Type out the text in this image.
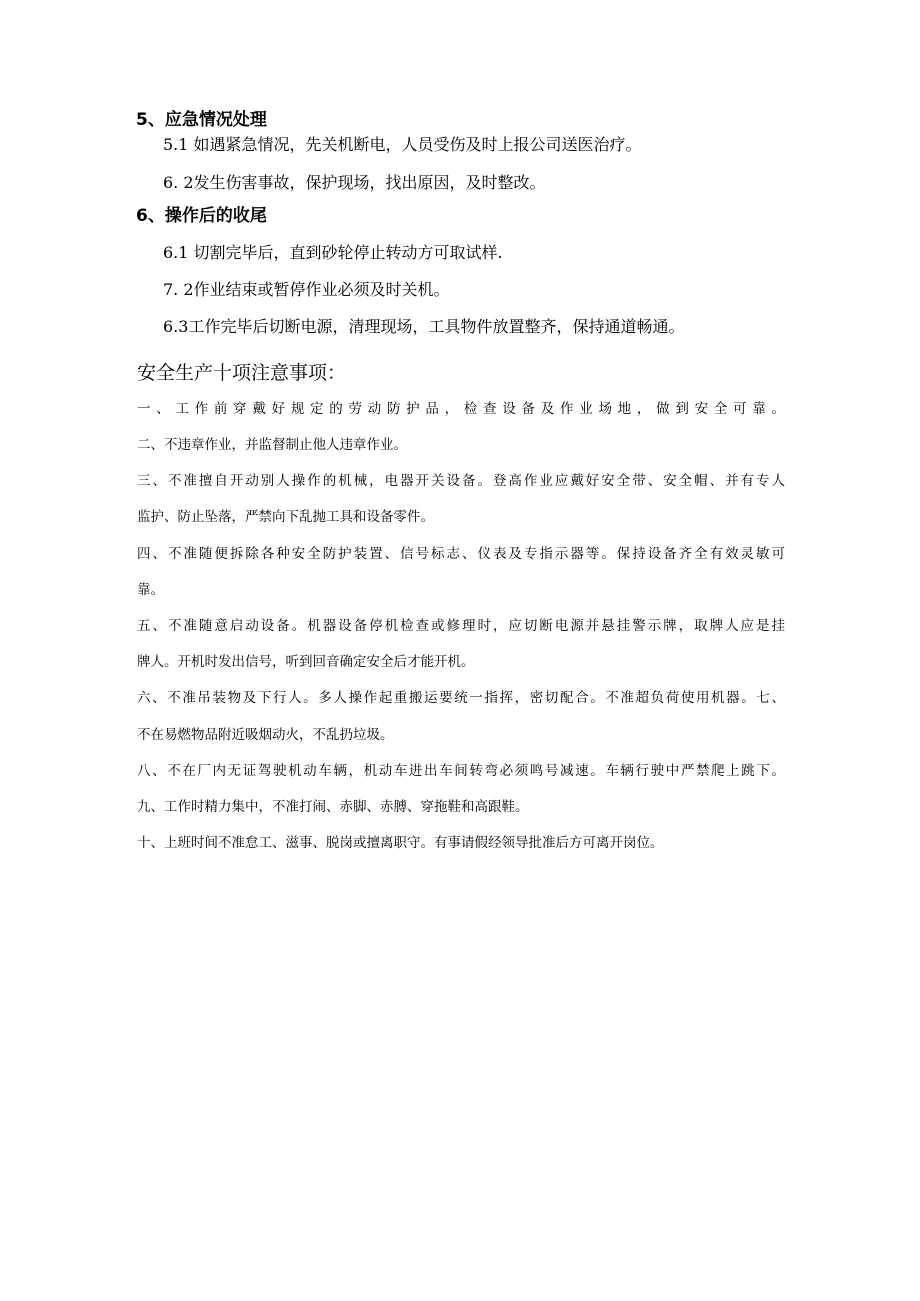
5、应急情况处理
5.1 如遇紧急情况，先关机断电，人员受伤及时上报公司送医治疗。
6. 2发生伤害事故，保护现场，找出原因，及时整改。
6、操作后的收尾
6.1 切割完毕后，直到砂轮停止转动方可取试样.
7. 2作业结束或暂停作业必须及时关机。
6.3工作完毕后切断电源，清理现场，工具物件放置整齐，保持通道畅通。
安全生产十项注意事项：
一、工作前穿戴好规定的劳动防护品，检查设备及作业场地，做到安全可靠。
二、不违章作业，并监督制止他人违章作业。
三、不准擅自开动别人操作的机械，电器开关设备。登高作业应戴好安全带、安全帽、并有专人
监护、防止坠落，严禁向下乱抛工具和设备零件。
四、不准随便拆除各种安全防护装置、信号标志、仪表及专指示器等。保持设备齐全有效灵敏可
靠。
五、不准随意启动设备。机器设备停机检查或修理时，应切断电源并悬挂警示牌，取牌人应是挂
牌人。开机时发出信号，听到回音确定安全后才能开机。
六、不准吊装物及下行人。多人操作起重搬运要统一指挥，密切配合。不准超负荷使用机器。七、
不在易燃物品附近吸烟动火，不乱扔垃圾。
八、不在厂内无证驾驶机动车辆，机动车进出车间转弯必须鸣号减速。车辆行驶中严禁爬上跳下。
九、工作时精力集中，不准打闹、赤脚、赤膊、穿拖鞋和高跟鞋。
十、上班时间不准怠工、滋事、脱岗或擅离职守。有事请假经领导批准后方可离开岗位。
